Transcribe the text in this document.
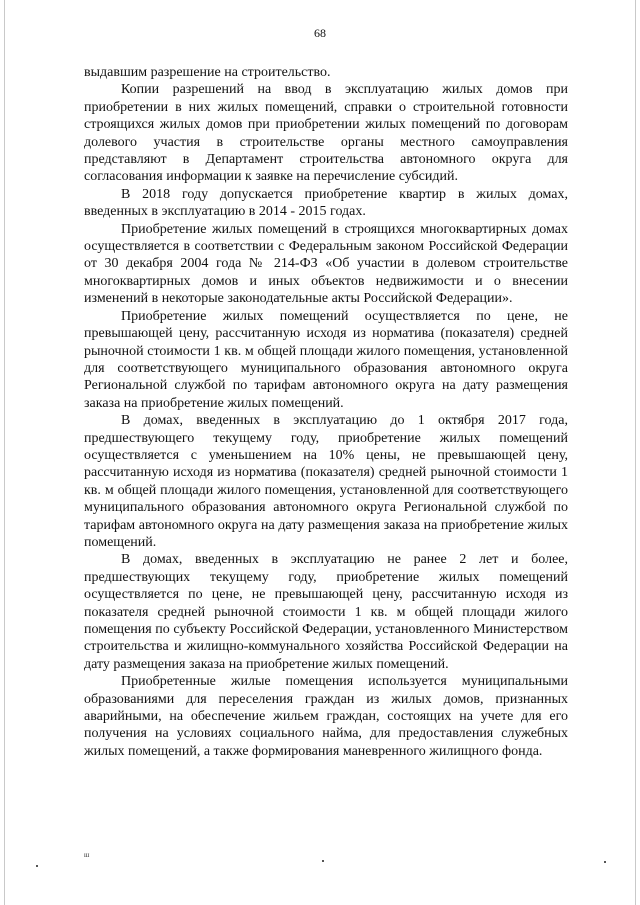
68

выдавшим разрешение на строительство.

Копии разрешений на ввод в эксплуатацию жилых домов при приобретении в них жилых помещений, справки о строительной готовности строящихся жилых домов при приобретении жилых помещений по договорам долевого участия в строительстве органы местного самоуправления представляют в Департамент строительства автономного округа для согласования информации к заявке на перечисление субсидий.

В 2018 году допускается приобретение квартир в жилых домах, введенных в эксплуатацию в 2014 - 2015 годах.

Приобретение жилых помещений в строящихся многоквартирных домах осуществляется в соответствии с Федеральным законом Российской Федерации от 30 декабря 2004 года № 214-ФЗ «Об участии в долевом строительстве многоквартирных домов и иных объектов недвижимости и о внесении изменений в некоторые законодательные акты Российской Федерации».

Приобретение жилых помещений осуществляется по цене, не превышающей цену, рассчитанную исходя из норматива (показателя) средней рыночной стоимости 1 кв. м общей площади жилого помещения, установленной для соответствующего муниципального образования автономного округа Региональной службой по тарифам автономного округа на дату размещения заказа на приобретение жилых помещений.

В домах, введенных в эксплуатацию до 1 октября 2017 года, предшествующего текущему году, приобретение жилых помещений осуществляется с уменьшением на 10% цены, не превышающей цену, рассчитанную исходя из норматива (показателя) средней рыночной стоимости 1 кв. м общей площади жилого помещения, установленной для соответствующего муниципального образования автономного округа Региональной службой по тарифам автономного округа на дату размещения заказа на приобретение жилых помещений.

В домах, введенных в эксплуатацию не ранее 2 лет и более, предшествующих текущему году, приобретение жилых помещений осуществляется по цене, не превышающей цену, рассчитанную исходя из показателя средней рыночной стоимости 1 кв. м общей площади жилого помещения по субъекту Российской Федерации, установленного Министерством строительства и жилищно-коммунального хозяйства Российской Федерации на дату размещения заказа на приобретение жилых помещений.

Приобретенные жилые помещения используется муниципальными образованиями для переселения граждан из жилых домов, признанных аварийными, на обеспечение жильем граждан, состоящих на учете для его получения на условиях социального найма, для предоставления служебных жилых помещений, а также формирования маневренного жилищного фонда.

ш
